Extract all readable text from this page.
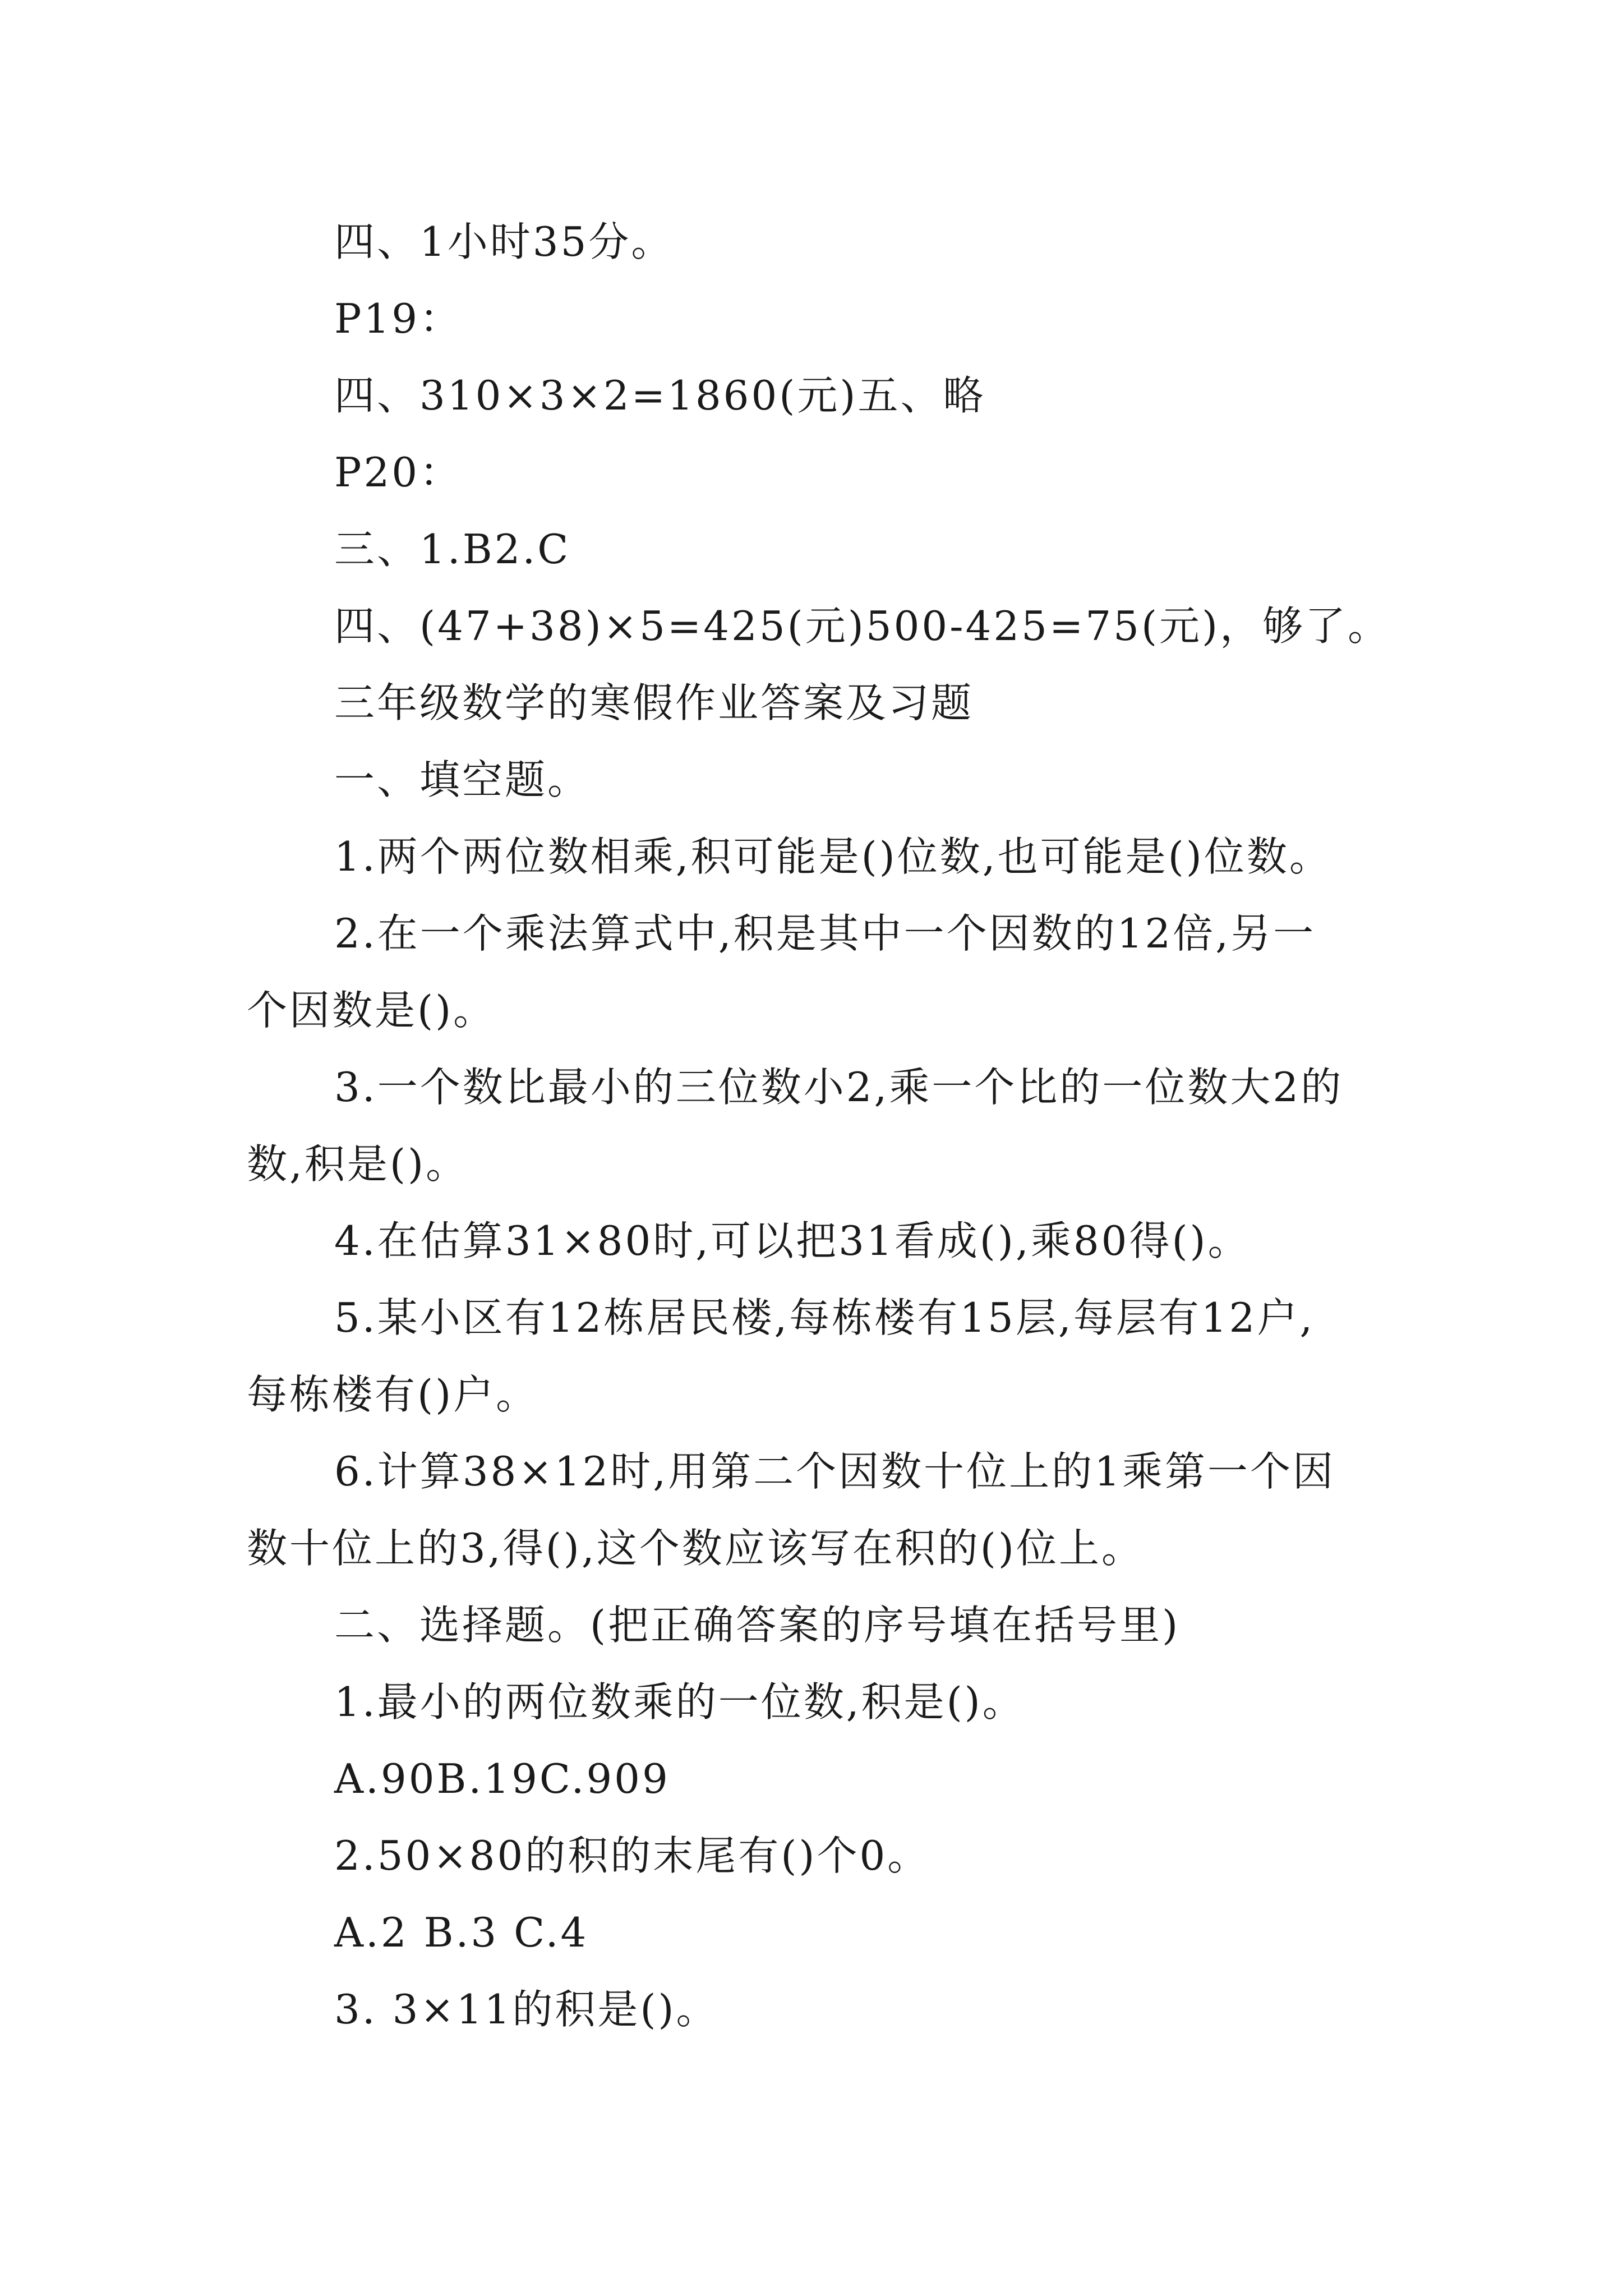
四、1小时35分。
P19：
四、310×3×2=1860(元)五、略
P20：
三、1.B2.C
四、(47+38)×5=425(元)500-425=75(元)，够了。
三年级数学的寒假作业答案及习题
一、填空题。
1.两个两位数相乘,积可能是()位数,也可能是()位数。
2.在一个乘法算式中,积是其中一个因数的12倍,另一
个因数是()。
3.一个数比最小的三位数小2,乘一个比的一位数大2的
数,积是()。
4.在估算31×80时,可以把31看成(),乘80得()。
5.某小区有12栋居民楼,每栋楼有15层,每层有12户,
每栋楼有()户。
6.计算38×12时,用第二个因数十位上的1乘第一个因
数十位上的3,得(),这个数应该写在积的()位上。
二、选择题。(把正确答案的序号填在括号里)
1.最小的两位数乘的一位数,积是()。
A.90B.19C.909
2.50×80的积的末尾有()个0。
A.2 B.3 C.4
3. 3×11的积是()。
